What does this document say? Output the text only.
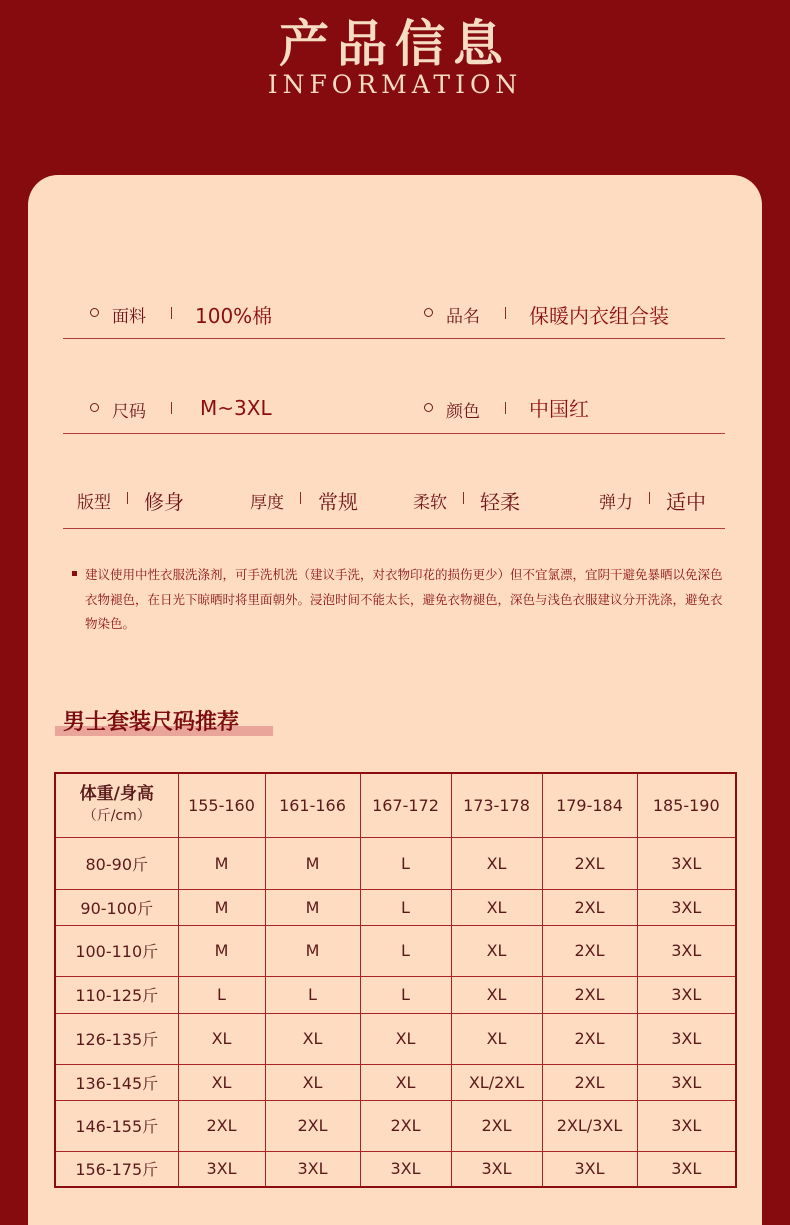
产品信息
INFORMATION
面料 100%棉	品名 保暖内衣组合装
尺码	M~3XL	颜色 中国红
版型 修身	厚度 常规	柔软 轻柔	弹力 适中
建议使用中性衣服洗涤剂，可手洗机洗（建议手洗，对衣物印花的损伤更少）但不宜氯漂，宜阴干避免暴晒以免深色衣物褪色，在日光下晾晒时将里面朝外。浸泡时间不能太长，避免衣物褪色，深色与浅色衣服建议分开洗涤，避免衣物染色。
男士套装尺码推荐
体重/身高
（斤/cm）	155-160	161-166	167-172	173-178	179-184	185-190
80-90斤	M	M	L	XL	2XL	3XL
90-100斤	M	M	L	XL	2XL	3XL
100-110斤	M	M	L	XL	2XL	3XL
110-125斤	L	L	L	XL	2XL	3XL
126-135斤	XL	XL	XL	XL	2XL	3XL
136-145斤	XL	XL	XL	XL/2XL	2XL	3XL
146-155斤	2XL	2XL	2XL	2XL	2XL/3XL	3XL
156-175斤	3XL	3XL	3XL	3XL	3XL	3XL
